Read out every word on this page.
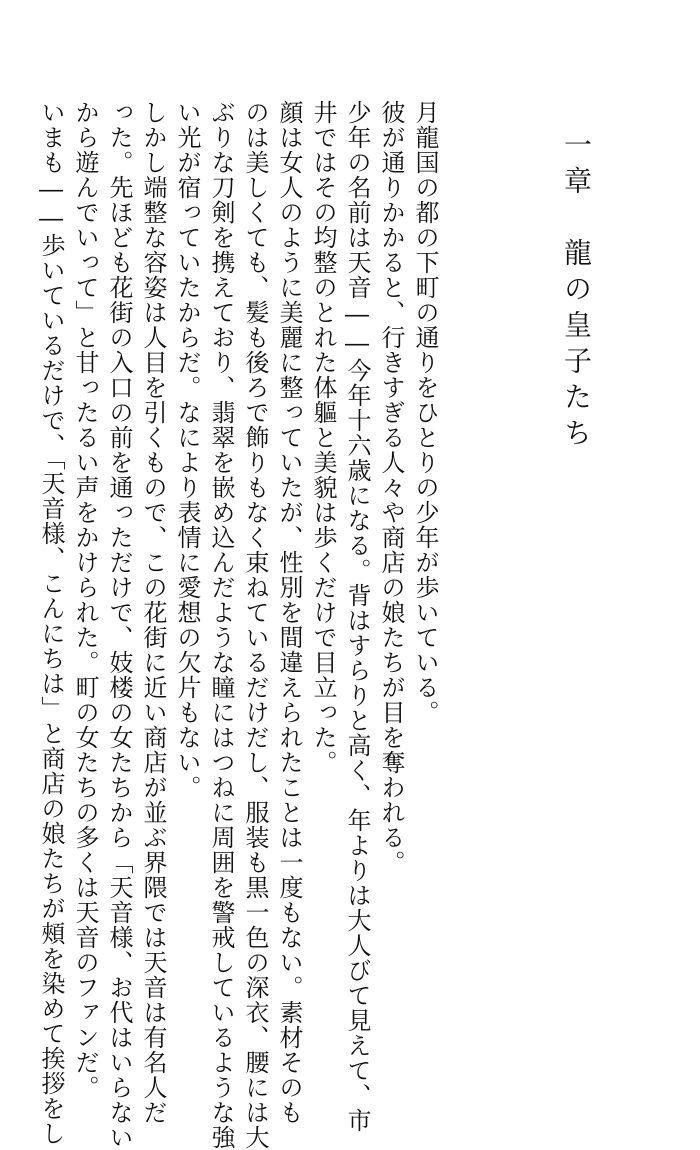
一章　龍の皇子たち
月龍国の都の下町の通りをひとりの少年が歩いている。
彼が通りかかると、行きすぎる人々や商店の娘たちが目を奪われる。
少年の名前は天音――今年十六歳になる。背はすらりと高く、年よりは大人びて見えて、市
井ではその均整のとれた体軀と美貌は歩くだけで目立った。
顔は女人のように美麗に整っていたが、性別を間違えられたことは一度もない。素材そのも
のは美しくても、髪も後ろで飾りもなく束ねているだけだし、服装も黒一色の深衣、腰には大
ぶりな刀剣を携えており、翡翠を嵌め込んだような瞳にはつねに周囲を警戒しているような強
い光が宿っていたからだ。なにより表情に愛想の欠片もない。
しかし端整な容姿は人目を引くもので、この花街に近い商店が並ぶ界隈では天音は有名人だ
った。先ほども花街の入口の前を通っただけで、妓楼の女たちから「天音様、お代はいらない
から遊んでいって」と甘ったるい声をかけられた。町の女たちの多くは天音のファンだ。
いまも――歩いているだけで、「天音様、こんにちは」と商店の娘たちが頰を染めて挨拶をし
